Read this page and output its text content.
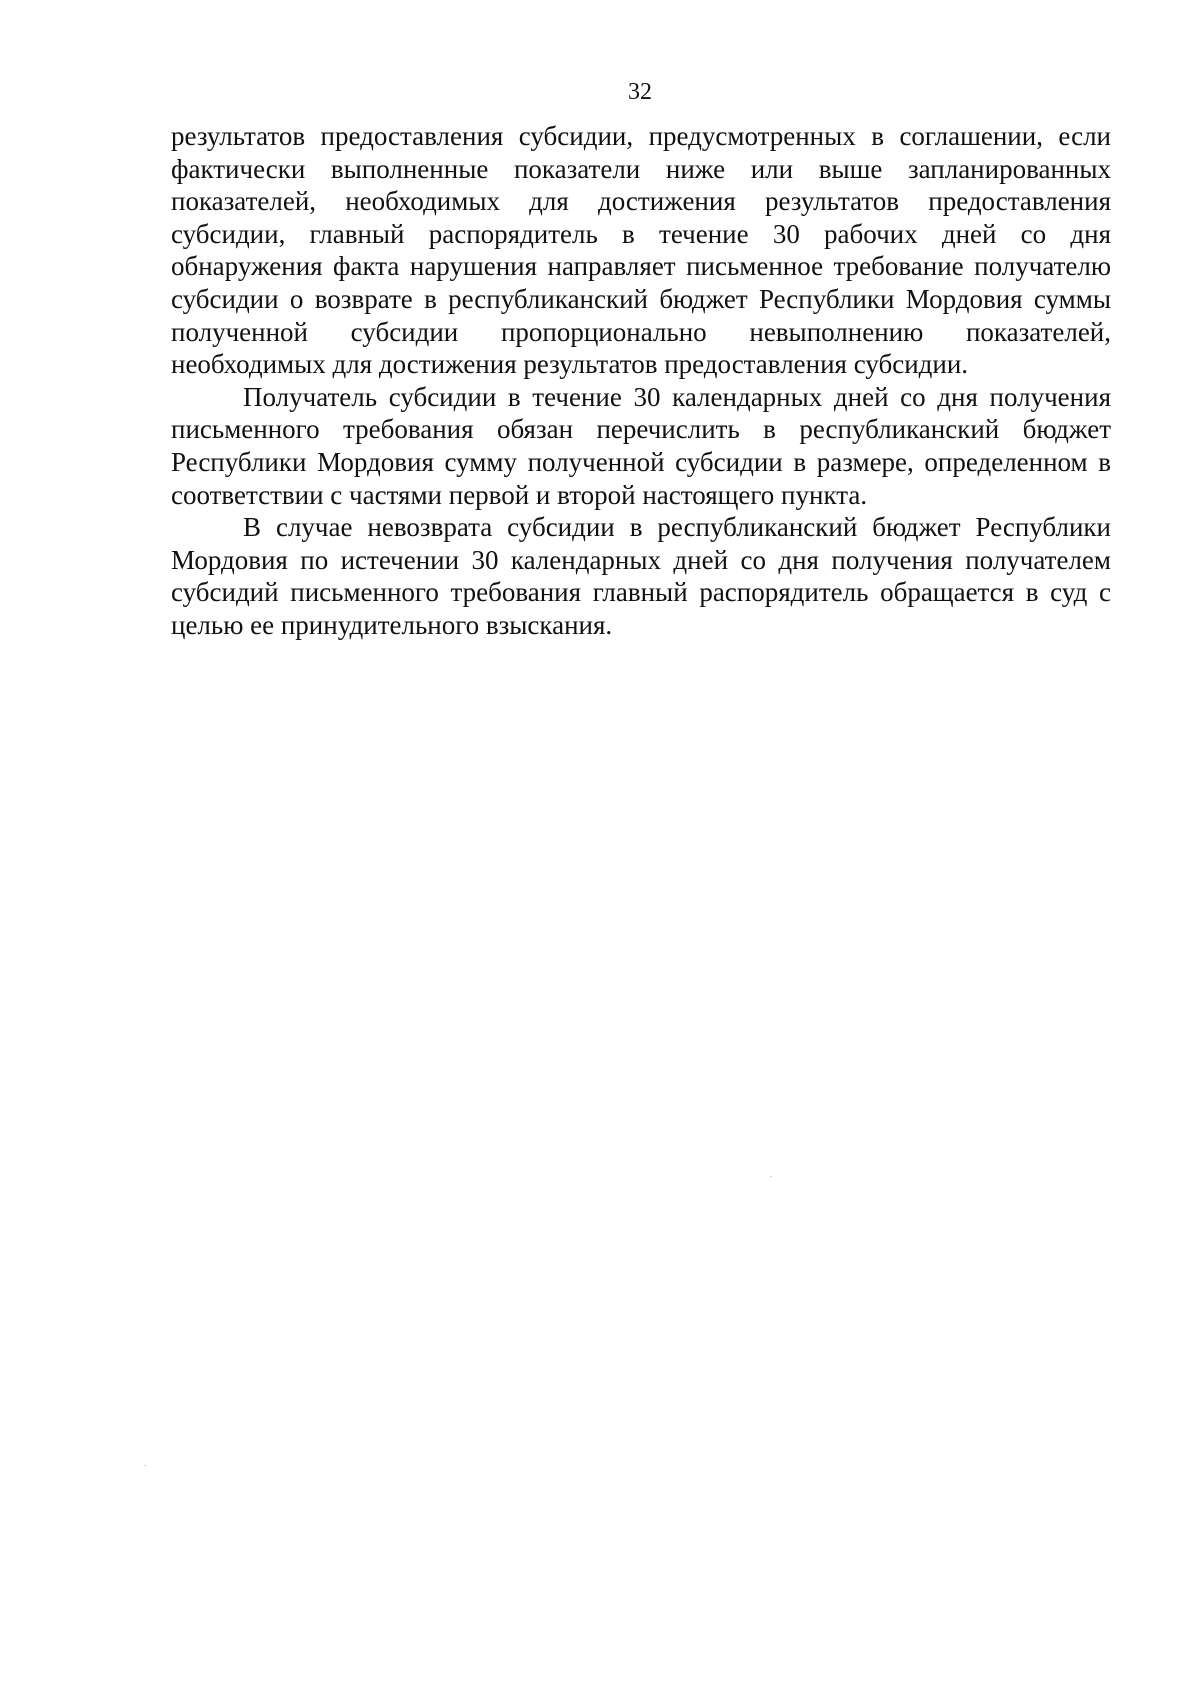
32

результатов предоставления субсидии, предусмотренных в соглашении, если фактически выполненные показатели ниже или выше запланированных показателей, необходимых для достижения результатов предоставления субсидии, главный распорядитель в течение 30 рабочих дней со дня обнаружения факта нарушения направляет письменное требование получателю субсидии о возврате в республиканский бюджет Республики Мордовия суммы полученной субсидии пропорционально невыполнению показателей, необходимых для достижения результатов предоставления субсидии.

Получатель субсидии в течение 30 календарных дней со дня получения письменного требования обязан перечислить в республиканский бюджет Республики Мордовия сумму полученной субсидии в размере, определенном в соответствии с частями первой и второй настоящего пункта.

В случае невозврата субсидии в республиканский бюджет Республики Мордовия по истечении 30 календарных дней со дня получения получателем субсидий письменного требования главный распорядитель обращается в суд с целью ее принудительного взыскания.
